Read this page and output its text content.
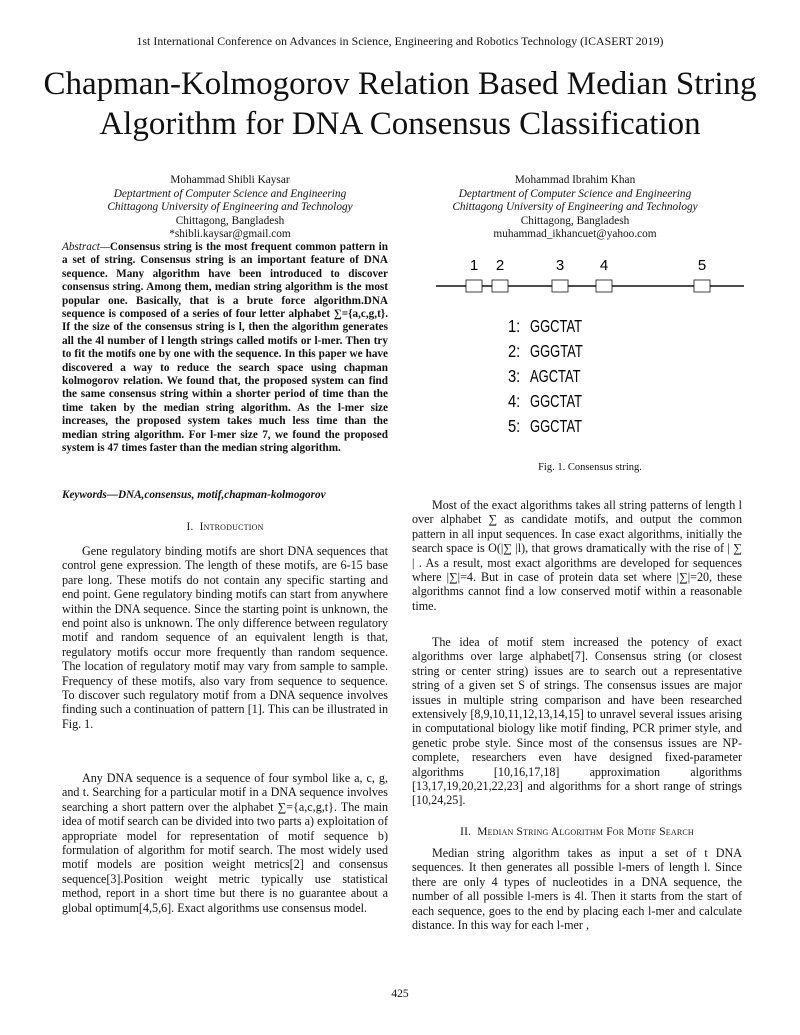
1st International Conference on Advances in Science, Engineering and Robotics Technology (ICASERT 2019)
Chapman-Kolmogorov Relation Based Median String
Algorithm for DNA Consensus Classification
Mohammad Shibli Kaysar
Deptartment of Computer Science and Engineering
Chittagong University of Engineering and Technology
Chittagong, Bangladesh
*shibli.kaysar@gmail.com
Mohammad Ibrahim Khan
Deptartment of Computer Science and Engineering
Chittagong University of Engineering and Technology
Chittagong, Bangladesh
muhammad_ikhancuet@yahoo.com
Abstract—Consensus string is the most frequent common pattern in a set of string. Consensus string is an important feature of DNA sequence. Many algorithm have been introduced to discover consensus string. Among them, median string algorithm is the most popular one. Basically, that is a brute force algorithm.DNA sequence is composed of a series of four letter alphabet ∑={a,c,g,t}. If the size of the consensus string is l, then the algorithm generates all the 4l number of l length strings called motifs or l-mer. Then try to fit the motifs one by one with the sequence. In this paper we have discovered a way to reduce the search space using chapman kolmogorov relation. We found that, the proposed system can find the same consensus string within a shorter period of time than the time taken by the median string algorithm. As the l-mer size increases, the proposed system takes much less time than the median string algorithm. For l-mer size 7, we found the proposed system is 47 times faster than the median string algorithm.
Keywords—DNA,consensus, motif,chapman-kolmogorov
I. Introduction

Gene regulatory binding motifs are short DNA sequences that control gene expression. The length of these motifs, are 6-15 base pare long. These motifs do not contain any specific starting and end point. Gene regulatory binding motifs can start from anywhere within the DNA sequence. Since the starting point is unknown, the end point also is unknown. The only difference between regulatory motif and random sequence of an equivalent length is that, regulatory motifs occur more frequently than random sequence. The location of regulatory motif may vary from sample to sample. Frequency of these motifs, also vary from sequence to sequence. To discover such regulatory motif from a DNA sequence involves finding such a continuation of pattern [1]. This can be illustrated in Fig. 1.

Any DNA sequence is a sequence of four symbol like a, c, g, and t. Searching for a particular motif in a DNA sequence involves searching a short pattern over the alphabet ∑={a,c,g,t}. The main idea of motif search can be divided into two parts a) exploitation of appropriate model for representation of motif sequence b) formulation of algorithm for motif search. The most widely used motif models are position weight metrics[2] and consensus sequence[3].Position weight metric typically use statistical method, report in a short time but there is no guarantee about a global optimum[4,5,6]. Exact algorithms use consensus model.

1 2	3 4	5
1: GGCTAT
2: GGGTAT
3: AGCTAT
4: GGCTAT
5: GGCTAT
Fig. 1. Consensus string.

Most of the exact algorithms takes all string patterns of length l over alphabet ∑ as candidate motifs, and output the common pattern in all input sequences. In case exact algorithms, initially the search space is O(|∑ |l), that grows dramatically with the rise of | ∑ | . As a result, most exact algorithms are developed for sequences where |∑|=4. But in case of protein data set where |∑|=20, these algorithms cannot find a low conserved motif within a reasonable time.

The idea of motif stem increased the potency of exact algorithms over large alphabet[7]. Consensus string (or closest string or center string) issues are to search out a representative string of a given set S of strings. The consensus issues are major issues in multiple string comparison and have been researched extensively [8,9,10,11,12,13,14,15] to unravel several issues arising in computational biology like motif finding, PCR primer style, and genetic probe style. Since most of the consensus issues are NP-complete, researchers even have designed fixed-parameter algorithms [10,16,17,18] approximation algorithms [13,17,19,20,21,22,23] and algorithms for a short range of strings [10,24,25].

II. Median String Algorithm For Motif Search

Median string algorithm takes as input a set of t DNA sequences. It then generates all possible l-mers of length l. Since there are only 4 types of nucleotides in a DNA sequence, the number of all possible l-mers is 4l. Then it starts from the start of each sequence, goes to the end by placing each l-mer and calculate distance. In this way for each l-mer ,

425
